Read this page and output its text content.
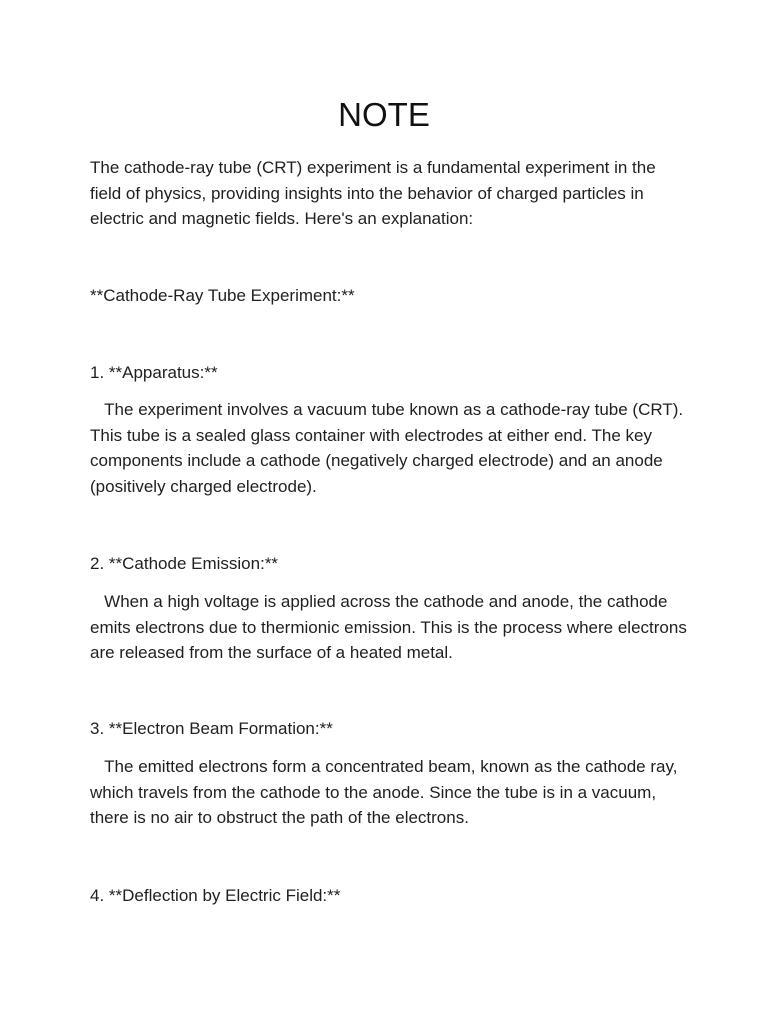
NOTE

The cathode-ray tube (CRT) experiment is a fundamental experiment in the field of physics, providing insights into the behavior of charged particles in electric and magnetic fields. Here's an explanation:

**Cathode-Ray Tube Experiment:**

1. **Apparatus:**

The experiment involves a vacuum tube known as a cathode-ray tube (CRT). This tube is a sealed glass container with electrodes at either end. The key components include a cathode (negatively charged electrode) and an anode (positively charged electrode).

2. **Cathode Emission:**

When a high voltage is applied across the cathode and anode, the cathode emits electrons due to thermionic emission. This is the process where electrons are released from the surface of a heated metal.

3. **Electron Beam Formation:**

The emitted electrons form a concentrated beam, known as the cathode ray, which travels from the cathode to the anode. Since the tube is in a vacuum, there is no air to obstruct the path of the electrons.

4. **Deflection by Electric Field:**
